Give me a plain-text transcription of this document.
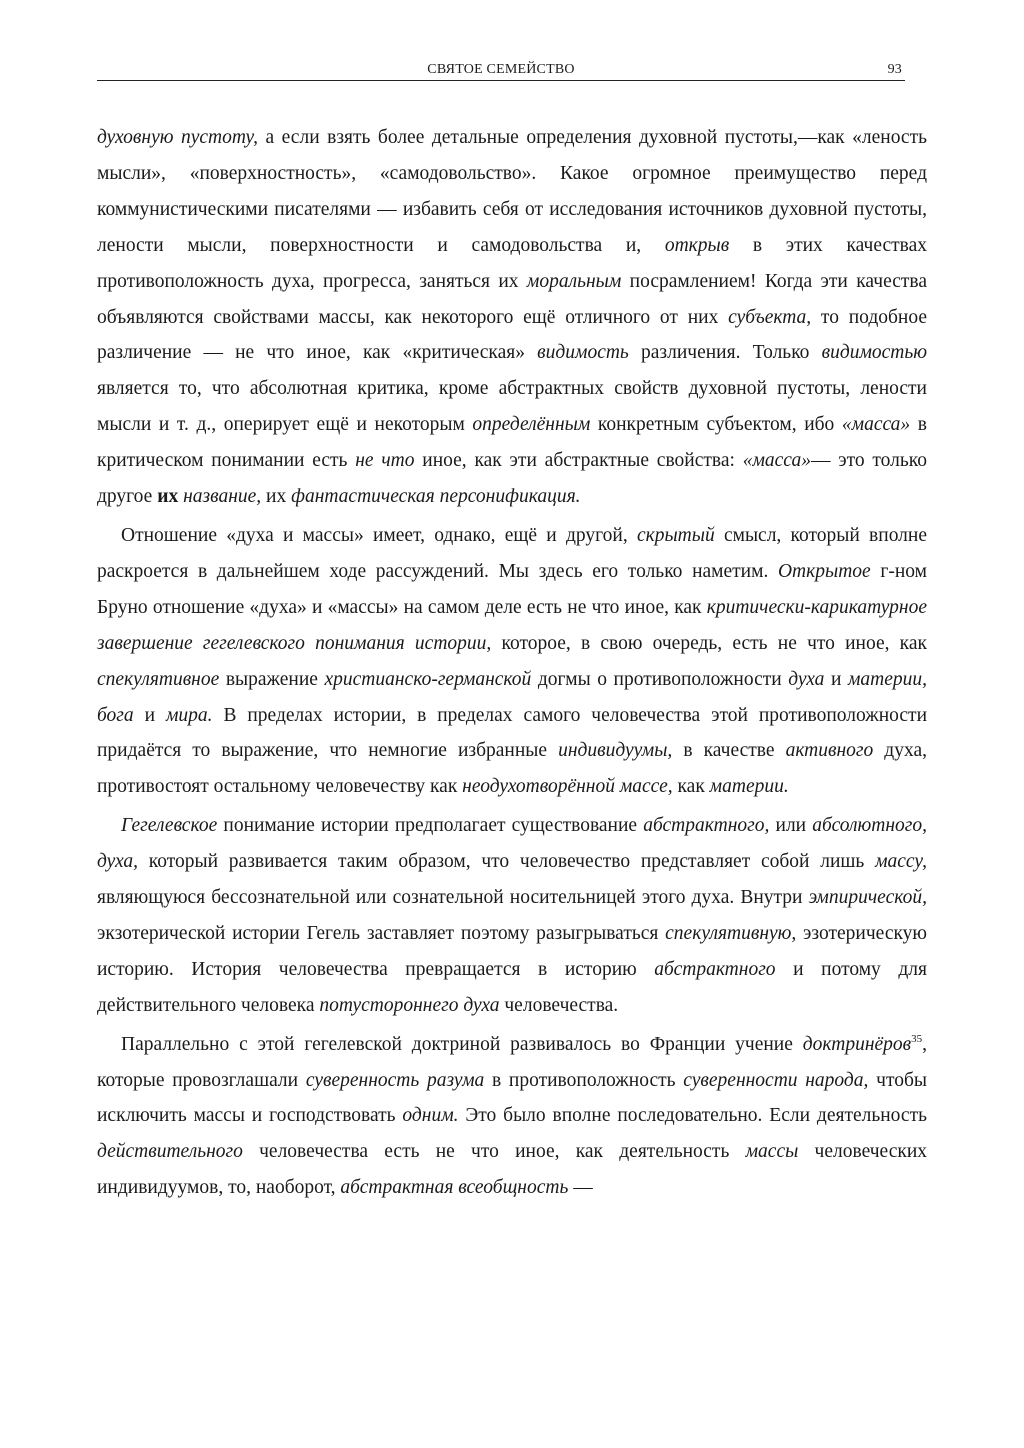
СВЯТОЕ СЕМЕЙСТВО	93

духовную пустоту, а если взять более детальные определения духовной пустоты,—как «леность мысли», «поверхностность», «самодовольство». Какое огромное преимущество перед коммунистическими писателями — избавить себя от исследования источников духовной пустоты, лености мысли, поверхностности и самодовольства и, открыв в этих качествах противоположность духа, прогресса, заняться их моральным посрамлением! Когда эти качества объявляются свойствами массы, как некоторого ещё отличного от них субъекта, то подобное различение — не что иное, как «критическая» видимость различения. Только видимостью является то, что абсолютная критика, кроме абстрактных свойств духовной пустоты, лености мысли и т. д., оперирует ещё и некоторым определённым конкретным субъектом, ибо «масса» в критическом понимании есть не что иное, как эти абстрактные свойства: «масса»— это только другое их название, их фантастическая персонификация.

Отношение «духа и массы» имеет, однако, ещё и другой, скрытый смысл, который вполне раскроется в дальнейшем ходе рассуждений. Мы здесь его только наметим. Открытое г-ном Бруно отношение «духа» и «массы» на самом деле есть не что иное, как критически-карикатурное завершение гегелевского понимания истории, которое, в свою очередь, есть не что иное, как спекулятивное выражение христианско-германской догмы о противоположности духа и материи, бога и мира. В пределах истории, в пределах самого человечества этой противоположности придаётся то выражение, что немногие избранные индивидуумы, в качестве активного духа, противостоят остальному человечеству как неодухотворённой массе, как материи.

Гегелевское понимание истории предполагает существование абстрактного, или абсолютного, духа, который развивается таким образом, что человечество представляет собой лишь массу, являющуюся бессознательной или сознательной носительницей этого духа. Внутри эмпирической, экзотерической истории Гегель заставляет поэтому разыгрываться спекулятивную, эзотерическую историю. История человечества превращается в историю абстрактного и потому для действительного человека потустороннего духа человечества.

Параллельно с этой гегелевской доктриной развивалось во Франции учение доктринёров$^{35}$, которые провозглашали суверенность разума в противоположность суверенности народа, чтобы исключить массы и господствовать одним. Это было вполне последовательно. Если деятельность действительного человечества есть не что иное, как деятельность массы человеческих индивидуумов, то, наоборот, абстрактная всеобщность —
